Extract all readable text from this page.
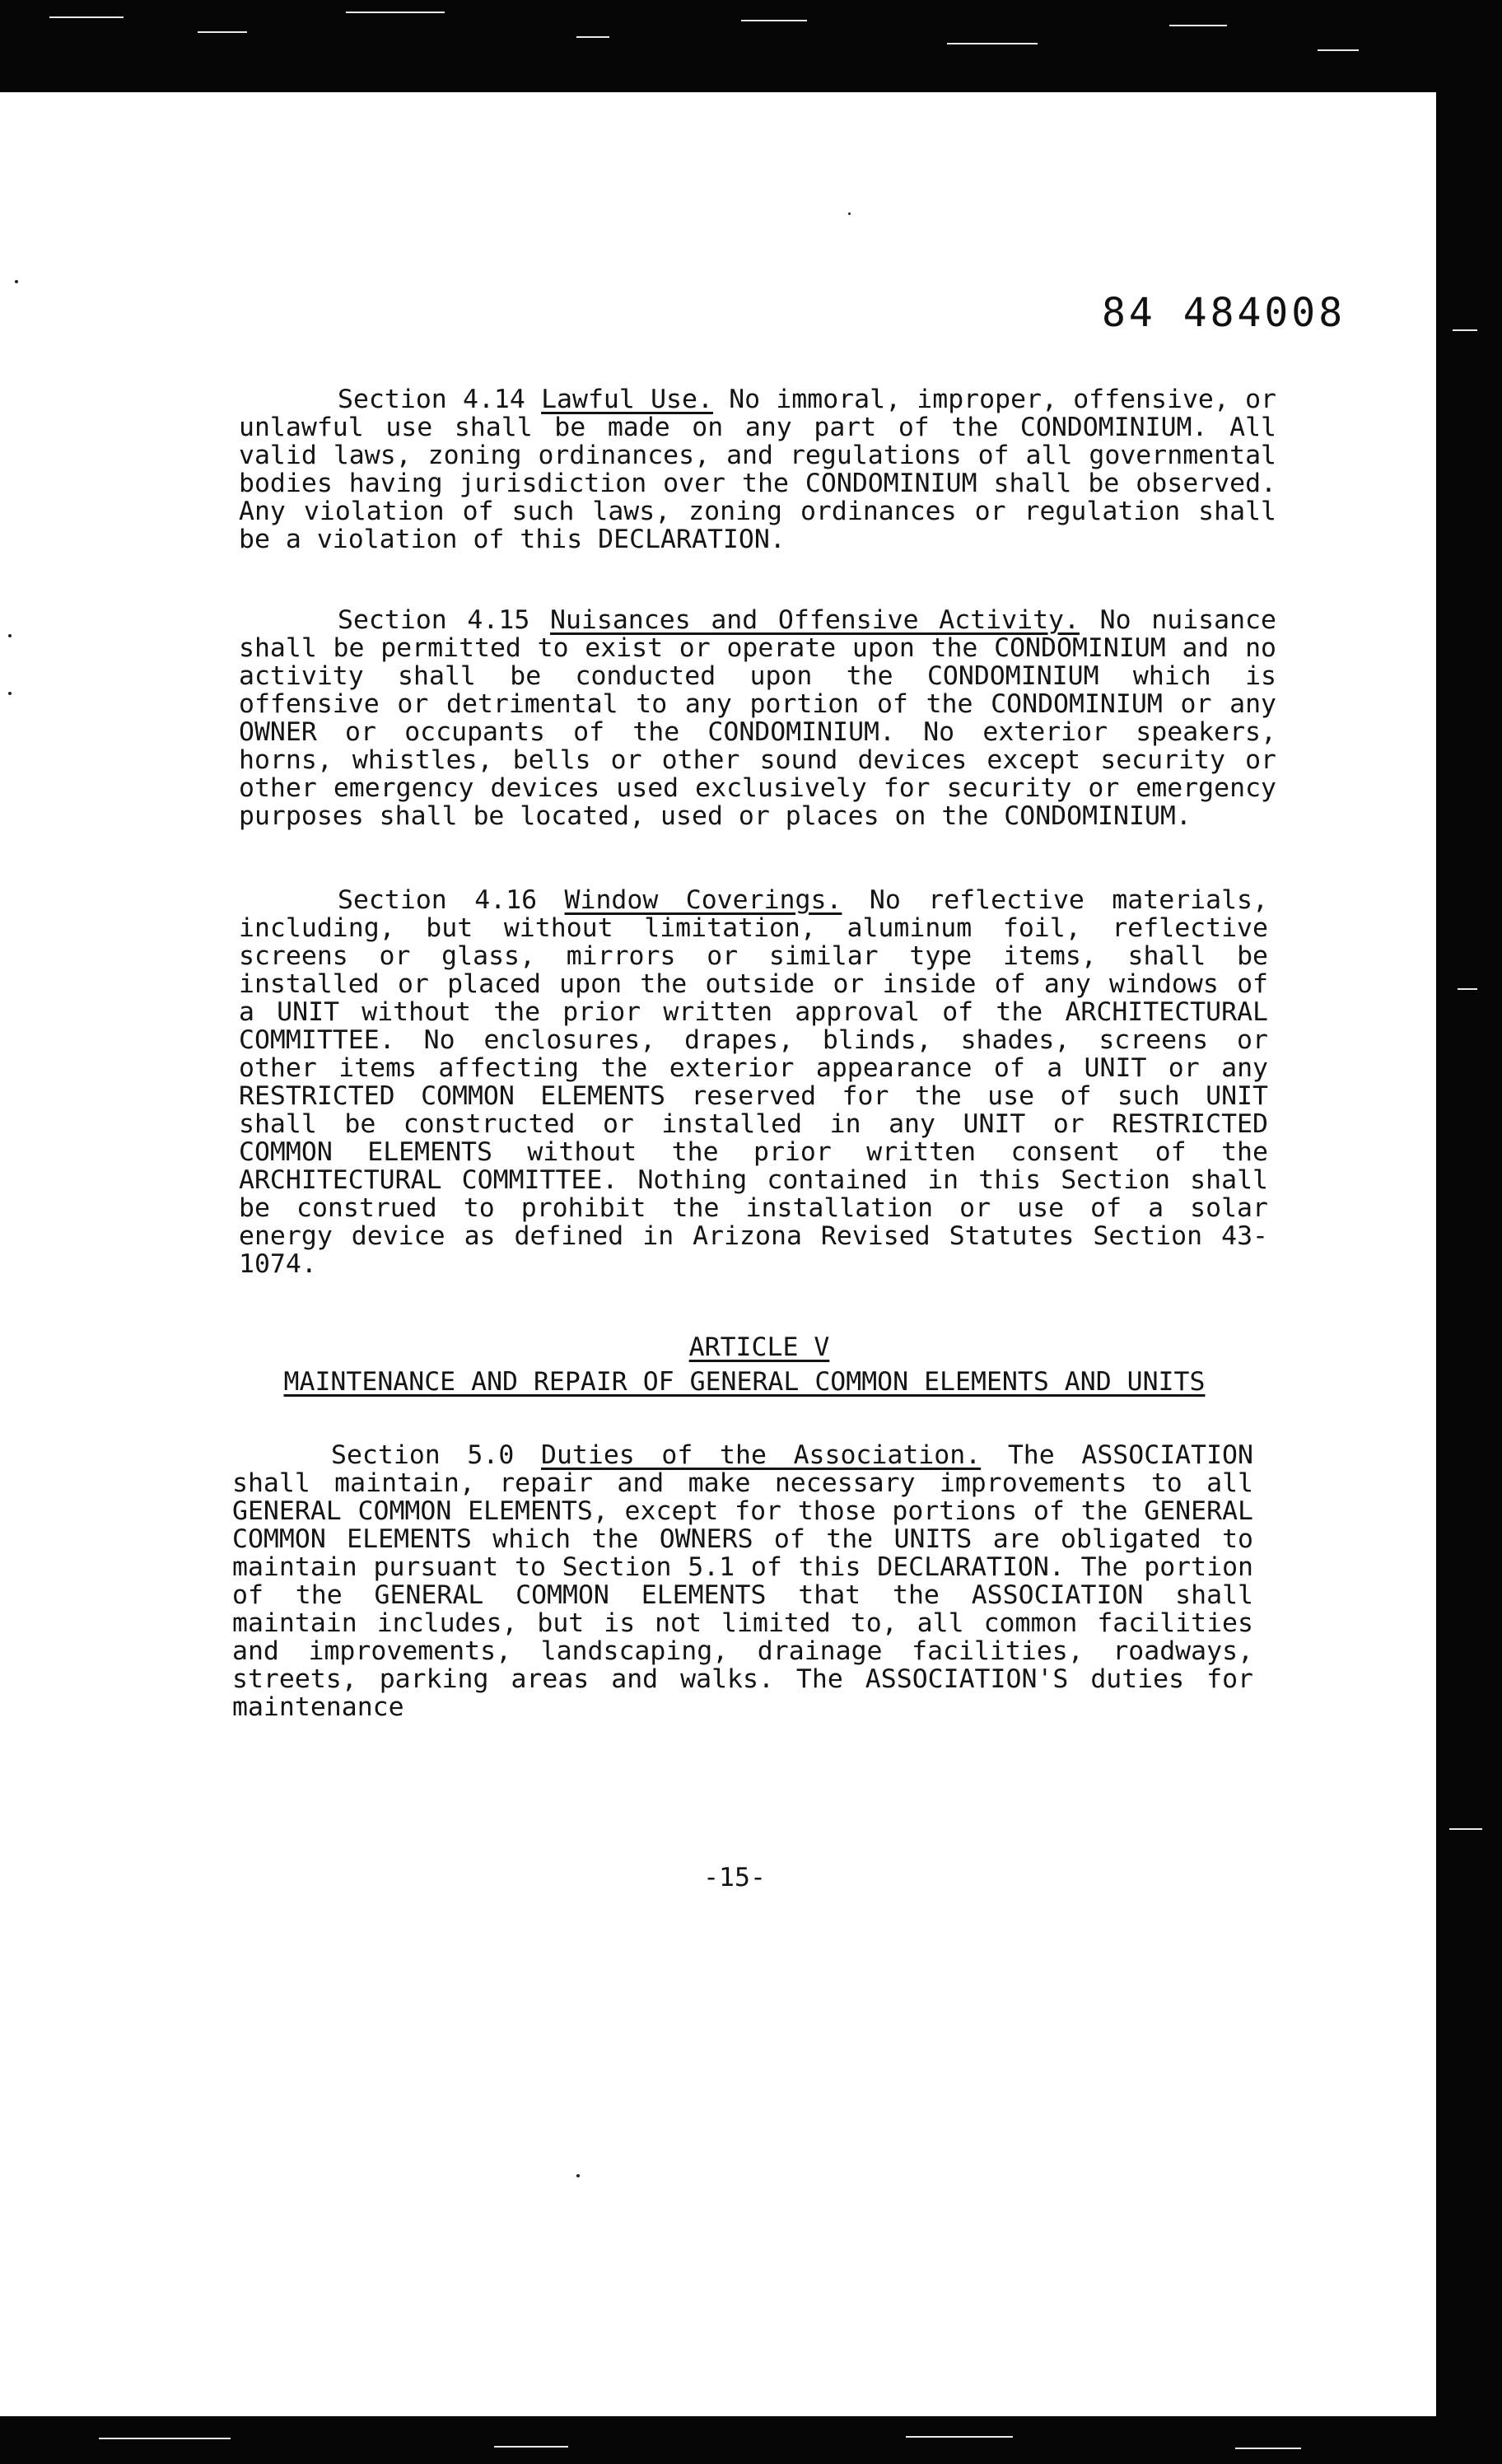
84 484008
Section 4.14 Lawful Use. No immoral, improper, offensive, or unlawful use shall be made on any part of the CONDOMINIUM. All valid laws, zoning ordinances, and regulations of all governmental bodies having jurisdiction over the CONDOMINIUM shall be observed. Any violation of such laws, zoning ordinances or regulation shall be a violation of this DECLARATION.
Section 4.15 Nuisances and Offensive Activity. No nuisance shall be permitted to exist or operate upon the CONDOMINIUM and no activity shall be conducted upon the CONDOMINIUM which is offensive or detrimental to any portion of the CONDOMINIUM or any OWNER or occupants of the CONDOMINIUM. No exterior speakers, horns, whistles, bells or other sound devices except security or other emergency devices used exclusively for security or emergency purposes shall be located, used or places on the CONDOMINIUM.
Section 4.16 Window Coverings. No reflective materials, including, but without limitation, aluminum foil, reflective screens or glass, mirrors or similar type items, shall be installed or placed upon the outside or inside of any windows of a UNIT without the prior written approval of the ARCHITECTURAL COMMITTEE. No enclosures, drapes, blinds, shades, screens or other items affecting the exterior appearance of a UNIT or any RESTRICTED COMMON ELEMENTS reserved for the use of such UNIT shall be constructed or installed in any UNIT or RESTRICTED COMMON ELEMENTS without the prior written consent of the ARCHITECTURAL COMMITTEE. Nothing contained in this Section shall be construed to prohibit the installation or use of a solar energy device as defined in Arizona Revised Statutes Section 43-1074.
ARTICLE V
MAINTENANCE AND REPAIR OF GENERAL COMMON ELEMENTS AND UNITS
Section 5.0 Duties of the Association. The ASSOCIATION shall maintain, repair and make necessary improvements to all GENERAL COMMON ELEMENTS, except for those portions of the GENERAL COMMON ELEMENTS which the OWNERS of the UNITS are obligated to maintain pursuant to Section 5.1 of this DECLARATION. The portion of the GENERAL COMMON ELEMENTS that the ASSOCIATION shall maintain includes, but is not limited to, all common facilities and improvements, landscaping, drainage facilities, roadways, streets, parking areas and walks. The ASSOCIATION'S duties for maintenance
-15-
